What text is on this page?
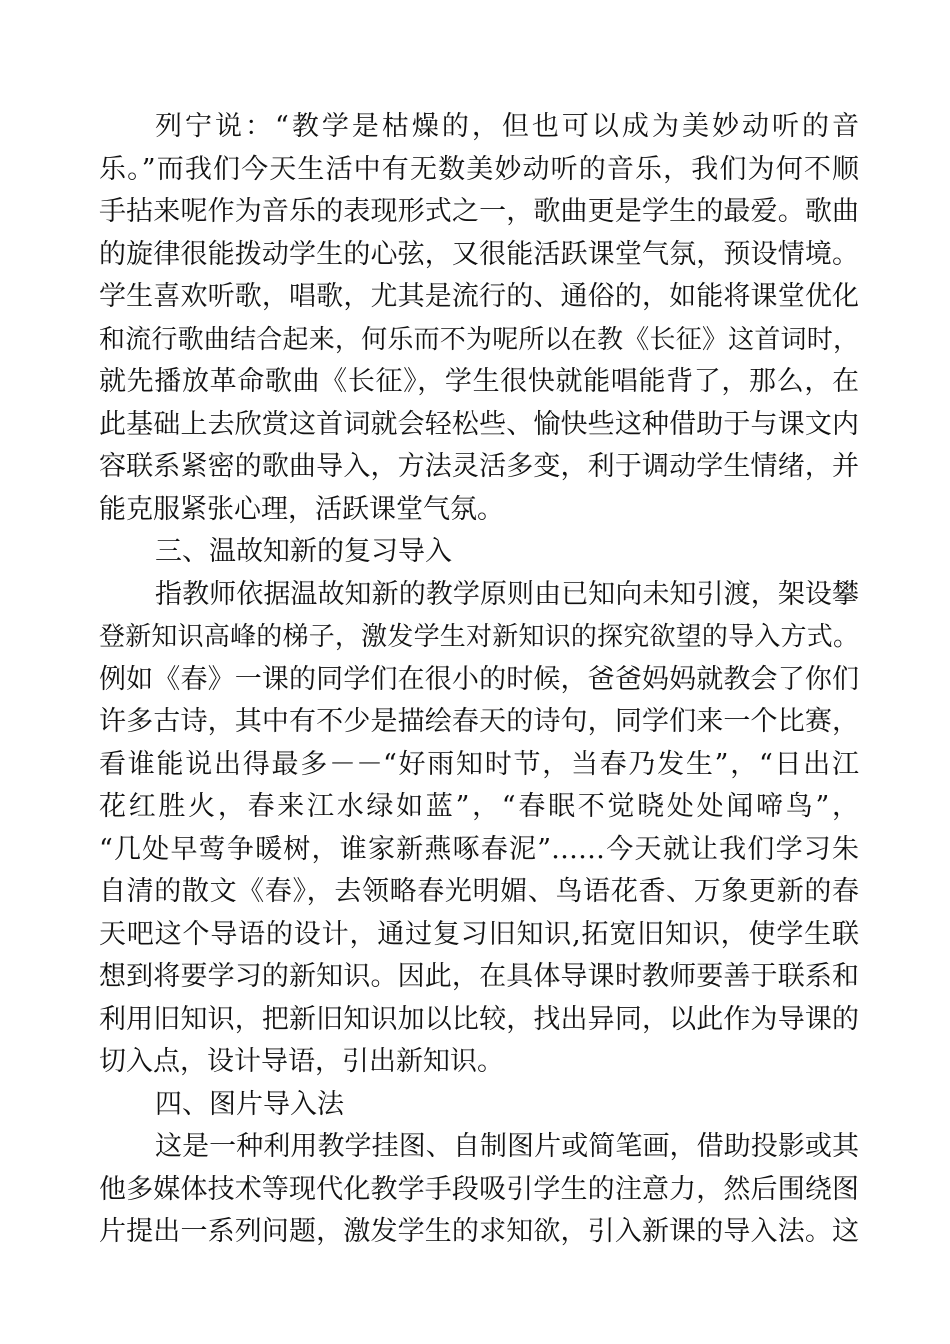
列宁说：“教学是枯燥的，但也可以成为美妙动听的音
乐。”而我们今天生活中有无数美妙动听的音乐，我们为何不顺
手拈来呢作为音乐的表现形式之一，歌曲更是学生的最爱。歌曲
的旋律很能拨动学生的心弦，又很能活跃课堂气氛，预设情境。
学生喜欢听歌，唱歌，尤其是流行的、通俗的，如能将课堂优化
和流行歌曲结合起来，何乐而不为呢所以在教《长征》这首词时，
就先播放革命歌曲《长征》，学生很快就能唱能背了，那么，在
此基础上去欣赏这首词就会轻松些、愉快些这种借助于与课文内
容联系紧密的歌曲导入，方法灵活多变，利于调动学生情绪，并
能克服紧张心理，活跃课堂气氛。
三、温故知新的复习导入
指教师依据温故知新的教学原则由已知向未知引渡，架设攀
登新知识高峰的梯子，激发学生对新知识的探究欲望的导入方式。
例如《春》一课的同学们在很小的时候，爸爸妈妈就教会了你们
许多古诗，其中有不少是描绘春天的诗句，同学们来一个比赛，
看谁能说出得最多－－“好雨知时节，当春乃发生”，“日出江
花红胜火，春来江水绿如蓝”，“春眠不觉晓处处闻啼鸟”，
“几处早莺争暖树，谁家新燕啄春泥”……今天就让我们学习朱
自清的散文《春》，去领略春光明媚、鸟语花香、万象更新的春
天吧这个导语的设计，通过复习旧知识,拓宽旧知识，使学生联
想到将要学习的新知识。因此，在具体导课时教师要善于联系和
利用旧知识，把新旧知识加以比较，找出异同，以此作为导课的
切入点，设计导语，引出新知识。
四、图片导入法
这是一种利用教学挂图、自制图片或简笔画，借助投影或其
他多媒体技术等现代化教学手段吸引学生的注意力，然后围绕图
片提出一系列问题，激发学生的求知欲，引入新课的导入法。这
